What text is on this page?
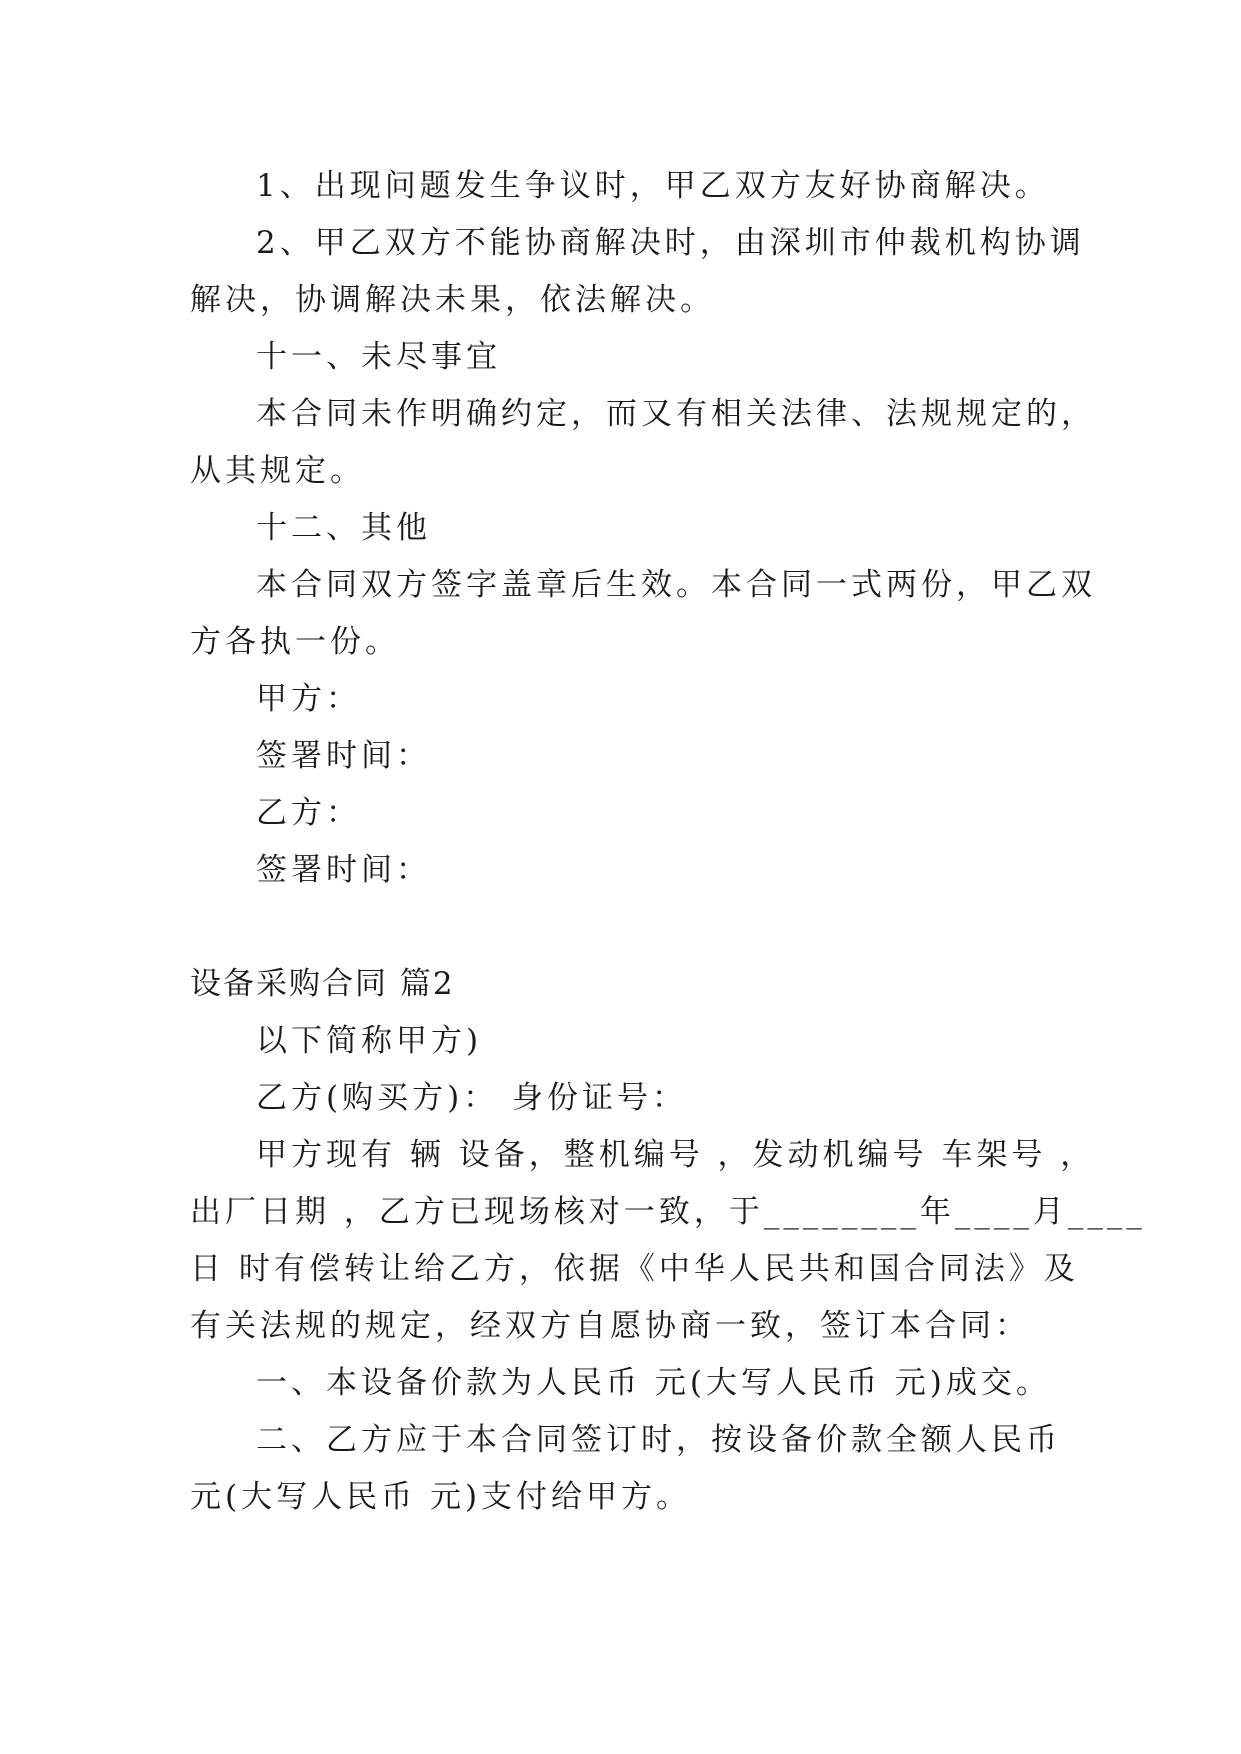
1、出现问题发生争议时，甲乙双方友好协商解决。
2、甲乙双方不能协商解决时，由深圳市仲裁机构协调
解决，协调解决未果，依法解决。
十一、未尽事宜
本合同未作明确约定，而又有相关法律、法规规定的，
从其规定。
十二、其他
本合同双方签字盖章后生效。本合同一式两份，甲乙双
方各执一份。
甲方：
签署时间：
乙方：
签署时间：
设备采购合同 篇2
以下简称甲方)
乙方(购买方)： 身份证号：
甲方现有 辆 设备，整机编号 ，发动机编号 车架号 ，
出厂日期 ，乙方已现场核对一致，于________年____月____
日 时有偿转让给乙方，依据《中华人民共和国合同法》及
有关法规的规定，经双方自愿协商一致，签订本合同：
一、本设备价款为人民币 元(大写人民币 元)成交。
二、乙方应于本合同签订时，按设备价款全额人民币
元(大写人民币 元)支付给甲方。
